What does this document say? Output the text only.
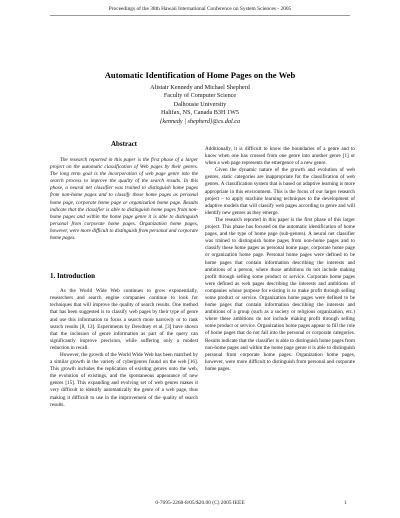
Proceedings of the 38th Hawaii International Conference on System Sciences - 2005
Automatic Identification of Home Pages on the Web
Alistair Kennedy and Michael Shepherd
Faculty of Computer Science
Dalhousie University
Halifax, NS, Canada B3H 1W5
{kennedy | shepherd}@cs.dal.ca
Abstract

The research reported in this paper is the first phase of a larger project on the automatic classification of Web pages by their genres. The long term goal is the incorporation of web page genre into the search process to improve the quality of the search results. In this phase, a neural net classifier was trained to distinguish home pages from non-home pages and to classify those home pages as personal home page, corporate home page or organization home page. Results indicate that the classifier is able to distinguish home pages from non-home pages and within the home page genre it is able to distinguish personal from corporate home pages. Organization home pages, however, were more difficult to distinguish from personal and corporate home pages.

1. Introduction

As the World Wide Web continues to grow exponentially, researchers and search engine companies continue to look for techniques that will improve the quality of search results. One method that has been suggested is to classify web pages by their type of genre and use this information to focus a search more narrowly or to rank search results [8, 13]. Experiments by Dewdney et al. [3] have shown that the inclusion of genre information as part of the query can significantly improve precision, while suffering only a modest reduction in recall.

However, the growth of the World Wide Web has been matched by a similar growth in the variety of cybergenres found on the web [16]. This growth includes the replication of existing genres onto the web, the evolution of existings, and the spontaneous appearance of new genres [15]. This expanding and evolving set of web genres makes it very difficult to identify automatically the genre of a web page, thus making it difficult to use in the improvement of the quality of search results.

Additionally, it is difficult to know the boundaries of a genre and to know when one has crossed from one genre into another genre [1] or when a web page represents the emergence of a new genre.

Given the dynamic nature of the growth and evolution of web genres, static categories are inappropriate for the classification of web genres. A classification system that is based on adaptive learning is more appropriate in this environment. This is the focus of our larger research project – to apply machine learning techniques to the development of adaptive models that will classify web pages according to genre and will identify new genres as they emerge.

The research reported in this paper is the first phase of this larger project. This phase has focused on the automatic identification of home pages, and the type of home page (sub-genres). A neural net classifier was trained to distinguish home pages from non-home pages and to classify these home pages as personal home page, corporate home page or organization home page. Personal home pages were defined to be home pages that contain information describing the interests and ambitions of a person, where those ambitions do not include making profit through selling some product or service. Corporate home pages were defined as web pages describing the interests and ambitions of companies whose purpose for existing is to make profit through selling some product or service. Organization home pages were defined to be home pages that contain information describing the interests and ambitions of a group (such as a society or religious organization, etc.) where these ambitions do not include making profit through selling some product or service. Organization home pages appear to fill the role of home pages that do not fall into the personal or corporate categories. Results indicate that the classifier is able to distinguish home pages from non-home pages and within the home page genre it is able to distinguish personal from corporate home pages. Organization home pages, however, were more difficult to distinguish from personal and corporate home pages.

0-7695-2268-8/05/$20.00 (C) 2005 IEEE	1
